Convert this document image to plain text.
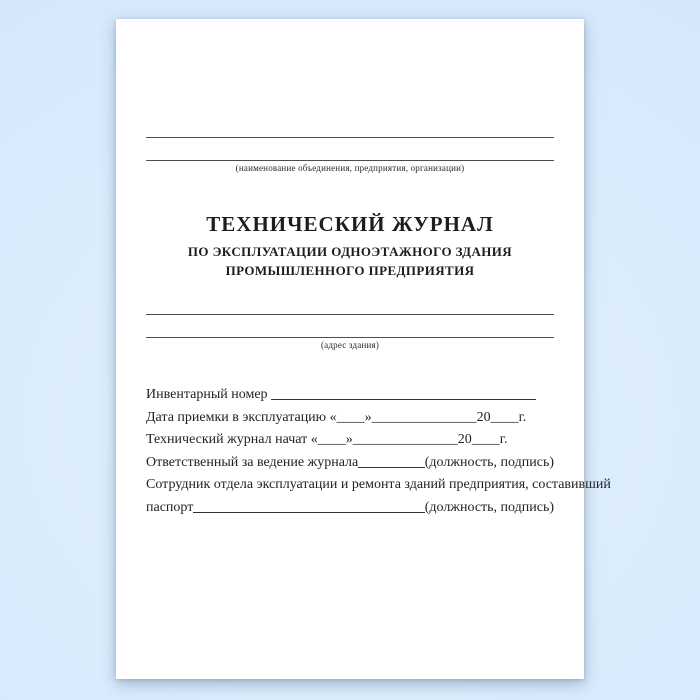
(наименование объединения, предприятия, организации)
ТЕХНИЧЕСКИЙ ЖУРНАЛ
ПО ЭКСПЛУАТАЦИИ ОДНОЭТАЖНОГО ЗДАНИЯ
ПРОМЫШЛЕННОГО ПРЕДПРИЯТИЯ
(адрес здания)
Инвентарный номер
Дата приемки в эксплуатацию «____»_______________20____г.
Технический журнал начат «____»_______________20____г.
Ответственный за ведение журнала	(должность, подпись)
Сотрудник отдела эксплуатации и ремонта зданий предприятия, составивший
паспорт	(должность, подпись)
